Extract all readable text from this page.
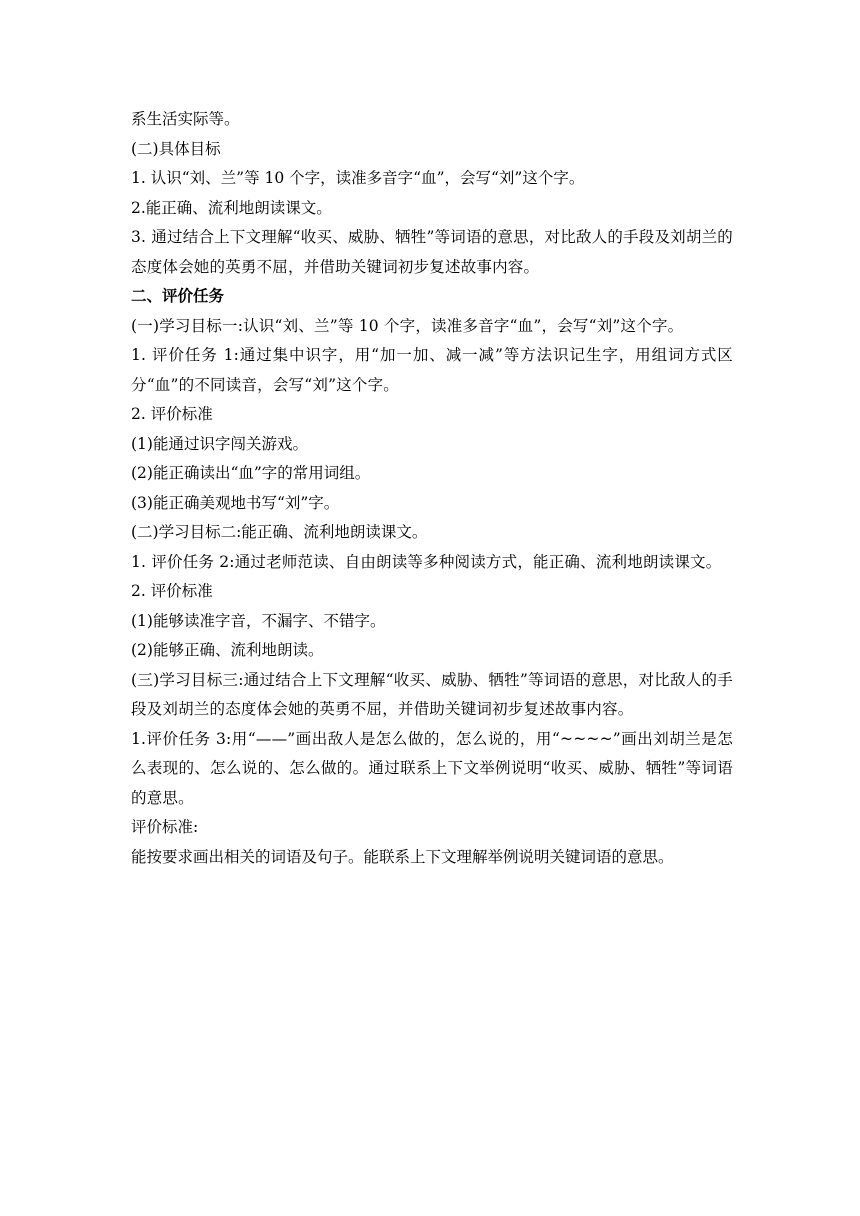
系生活实际等。

(二)具体目标

1. 认识“刘、兰”等 10 个字，读准多音字“血”，会写“刘”这个字。

2.能正确、流利地朗读课文。

3. 通过结合上下文理解“收买、威胁、牺牲”等词语的意思，对比敌人的手段及刘胡兰的态度体会她的英勇不屈，并借助关键词初步复述故事内容。

二、评价任务

(一)学习目标一:认识“刘、兰”等 10 个字，读准多音字“血”，会写“刘”这个字。

1. 评价任务 1:通过集中识字，用“加一加、减一减”等方法识记生字，用组词方式区分“血”的不同读音，会写“刘”这个字。

2. 评价标准

(1)能通过识字闯关游戏。

(2)能正确读出“血”字的常用词组。

(3)能正确美观地书写“刘”字。

(二)学习目标二:能正确、流利地朗读课文。

1. 评价任务 2:通过老师范读、自由朗读等多种阅读方式，能正确、流利地朗读课文。

2. 评价标准

(1)能够读准字音，不漏字、不错字。

(2)能够正确、流利地朗读。

(三)学习目标三:通过结合上下文理解“收买、威胁、牺牲”等词语的意思，对比敌人的手段及刘胡兰的态度体会她的英勇不屈，并借助关键词初步复述故事内容。

1.评价任务 3:用“——”画出敌人是怎么做的，怎么说的，用“~~~~”画出刘胡兰是怎么表现的、怎么说的、怎么做的。通过联系上下文举例说明“收买、威胁、牺牲”等词语的意思。

评价标准:

能按要求画出相关的词语及句子。能联系上下文理解举例说明关键词语的意思。
